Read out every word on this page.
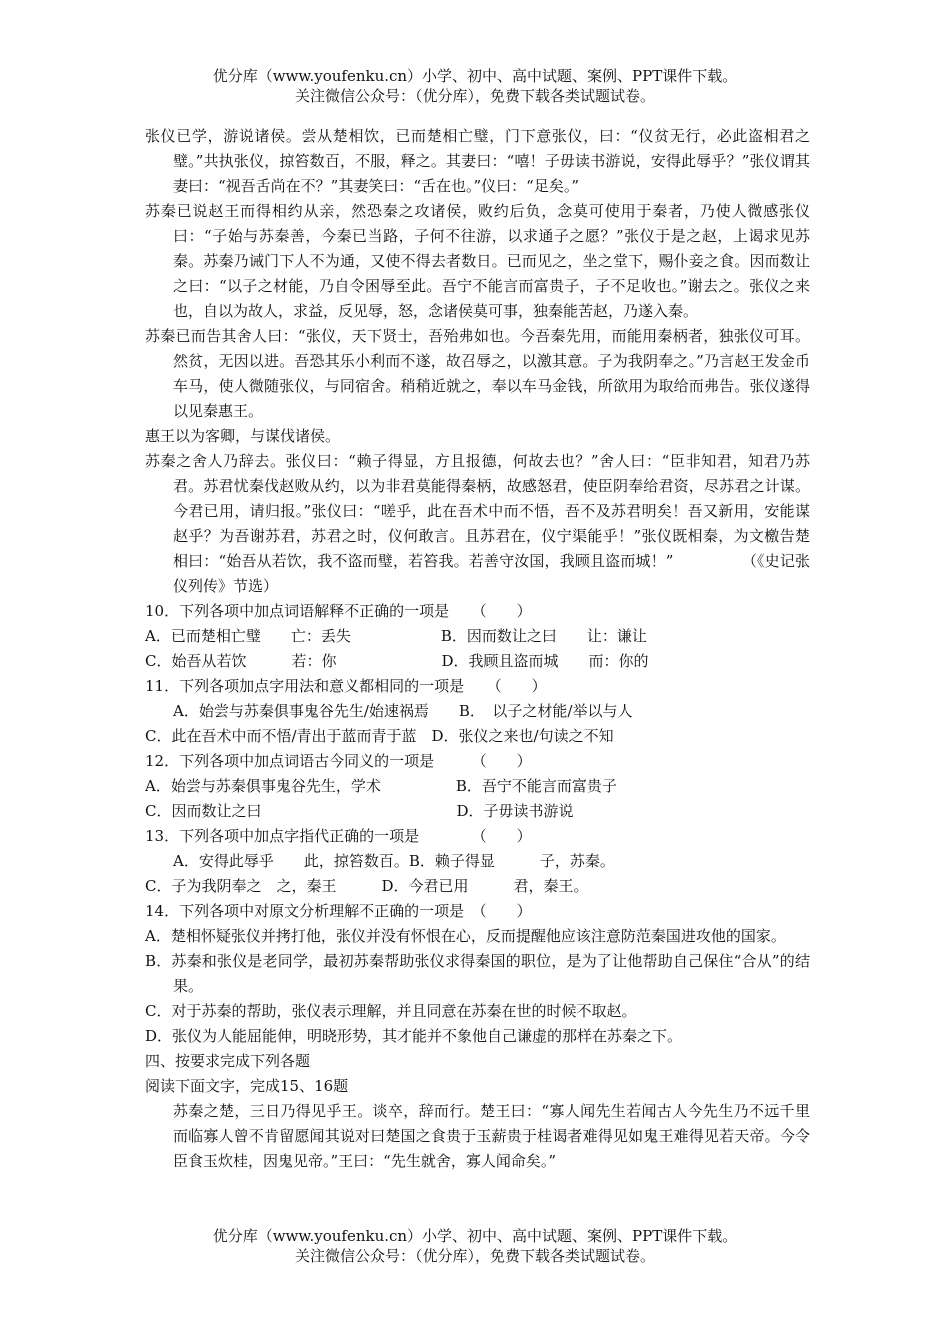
优分库（www.youfenku.cn）小学、初中、高中试题、案例、PPT课件下载。
关注微信公众号：（优分库），免费下载各类试题试卷。

张仪已学，游说诸侯。尝从楚相饮，已而楚相亡璧，门下意张仪，曰：“仪贫无行，必此盗相君之璧。”共执张仪，掠笞数百，不服，释之。其妻曰：“嘻！子毋读书游说，安得此辱乎？”张仪谓其妻曰：“视吾舌尚在不？”其妻笑曰：“舌在也。”仪曰：“足矣。”

苏秦已说赵王而得相约从亲，然恐秦之攻诸侯，败约后负，念莫可使用于秦者，乃使人微感张仪曰：“子始与苏秦善，今秦已当路，子何不往游，以求通子之愿？”张仪于是之赵，上谒求见苏秦。苏秦乃诫门下人不为通，又使不得去者数日。已而见之，坐之堂下，赐仆妾之食。因而数让之曰：“以子之材能，乃自令困辱至此。吾宁不能言而富贵子，子不足收也。”谢去之。张仪之来也，自以为故人，求益，反见辱，怒，念诸侯莫可事，独秦能苦赵，乃遂入秦。

苏秦已而告其舍人曰：“张仪，天下贤士，吾殆弗如也。今吾秦先用，而能用秦柄者，独张仪可耳。然贫，无因以进。吾恐其乐小利而不遂，故召辱之，以激其意。子为我阴奉之。”乃言赵王发金币车马，使人微随张仪，与同宿舍。稍稍近就之，奉以车马金钱，所欲用为取给而弗告。张仪遂得以见秦惠王。

惠王以为客卿，与谋伐诸侯。

苏秦之舍人乃辞去。张仪曰：“赖子得显，方且报德，何故去也？”舍人曰：“臣非知君，知君乃苏君。苏君忧秦伐赵败从约，以为非君莫能得秦柄，故感怒君，使臣阴奉给君资，尽苏君之计谋。今君已用，请归报。”张仪曰：“嗟乎，此在吾术中而不悟，吾不及苏君明矣！吾又新用，安能谋赵乎？为吾谢苏君，苏君之时，仪何敢言。且苏君在，仪宁渠能乎！”张仪既相秦，为文檄告楚相曰：“始吾从若饮，我不盗而璧，若笞我。若善守汝国，我顾且盗而城！”　　　　　（《史记张仪列传》节选）

10．下列各项中加点词语解释不正确的一项是　　（　　）

A．已而楚相亡璧　　亡：丢失　　　　　　B．因而数让之曰　　让：谦让

C．始吾从若饮　　　若：你　　　　　　　D．我顾且盗而城　　而：你的

11．下列各项加点字用法和意义都相同的一项是　　（　　）

A．始尝与苏秦俱事鬼谷先生/始速祸焉　　B．　以子之材能/举以与人

C．此在吾术中而不悟/青出于蓝而青于蓝　D．张仪之来也/句读之不知

12．下列各项中加点词语古今同义的一项是　　　（　　）

A．始尝与苏秦俱事鬼谷先生，学术　　　　　B．吾宁不能言而富贵子

C．因而数让之曰　　　　　　　　　　　　　D．子毋读书游说

13．下列各项中加点字指代正确的一项是　　　　（　　）

A．安得此辱乎　　此，掠笞数百。B．赖子得显　　　子，苏秦。

C．子为我阴奉之　之，秦王　　　D．今君已用　　　君，秦王。

14．下列各项中对原文分析理解不正确的一项是　（　　）

A．楚相怀疑张仪并拷打他，张仪并没有怀恨在心，反而提醒他应该注意防范秦国进攻他的国家。

B．苏秦和张仪是老同学，最初苏秦帮助张仪求得秦国的职位，是为了让他帮助自己保住“合从”的结果。

C．对于苏秦的帮助，张仪表示理解，并且同意在苏秦在世的时候不取赵。

D．张仪为人能屈能伸，明晓形势，其才能并不象他自己谦虚的那样在苏秦之下。

四、按要求完成下列各题

阅读下面文字，完成15、16题

苏秦之楚，三日乃得见乎王。谈卒，辞而行。楚王曰：“寡人闻先生若闻古人今先生乃不远千里而临寡人曾不肯留愿闻其说对曰楚国之食贵于玉薪贵于桂谒者难得见如鬼王难得见若天帝。今令臣食玉炊桂，因鬼见帝。”王曰：“先生就舍，寡人闻命矣。”

优分库（www.youfenku.cn）小学、初中、高中试题、案例、PPT课件下载。
关注微信公众号：（优分库），免费下载各类试题试卷。
